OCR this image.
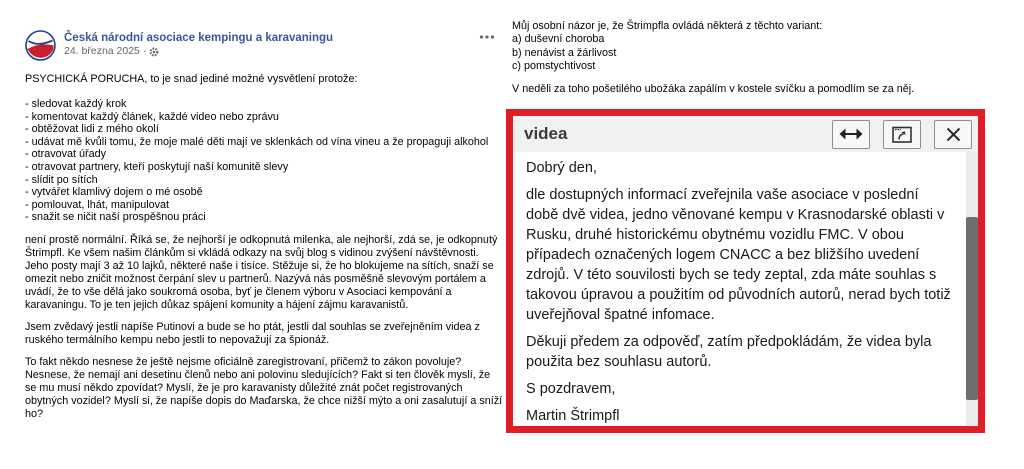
Česká národní asociace kempingu a karavaningu
24. března 2025 ·

PSYCHICKÁ PORUCHA, to je snad jediné možné vysvětlení protože:

- sledovat každý krok
- komentovat každý článek, každé video nebo zprávu
- obtěžovat lidi z mého okolí
- udávat mě kvůli tomu, že moje malé děti mají ve sklenkách od vína vineu a že propaguji alkohol
- otravovat úřady
- otravovat partnery, kteří poskytují naší komunitě slevy
- slídit po sítích
- vytvářet klamlivý dojem o mé osobě
- pomlouvat, lhát, manipulovat
- snažit se ničit naší prospěšnou práci

není prostě normální. Říká se, že nejhorší je odkopnutá milenka, ale nejhorší, zdá se, je odkopnutý Štrimpfl. Ke všem našim článkům si vkládá odkazy na svůj blog s vidinou zvýšení návštěvnosti. Jeho posty mají 3 až 10 lajků, některé naše i tisíce. Stěžuje si, že ho blokujeme na sítích, snaží se omezit nebo zničit možnost čerpání slev u partnerů. Nazývá nás posměšně slevovým portálem a uvádí, že to vše dělá jako soukromá osoba, byť je členem výboru v Asociaci kempování a karavaningu. To je ten jejich důkaz spájení komunity a hájení zájmu karavanistů.

Jsem zvědavý jestli napíše Putinovi a bude se ho ptát, jestli dal souhlas se zveřejněním videa z ruského termálního kempu nebo jestli to nepovažují za špionáž.

To fakt někdo nesnese že ještě nejsme oficiálně zaregistrovaní, přičemž to zákon povoluje? Nesnese, že nemají ani desetinu členů nebo ani polovinu sledujících? Fakt si ten člověk myslí, že se mu musí někdo zpovídat? Myslí, že je pro karavanisty důležité znát počet registrovaných obytných vozidel? Myslí si, že napíše dopis do Maďarska, že chce nižší mýto a oni zasalutují a sníží ho?

Můj osobní názor je, že Štrimpfla ovládá některá z těchto variant:

a) duševní choroba
b) nenávist a žárlivost
c) pomstychtivost

V neděli za toho pošetilého ubožáka zapálím v kostele svíčku a pomodlím se za něj.

videa

Dobrý den,

dle dostupných informací zveřejnila vaše asociace v poslední době dvě videa, jedno věnované kempu v Krasnodarské oblasti v Rusku, druhé historickému obytnému vozidlu FMC. V obou případech označených logem CNACC a bez bližšího uvedení zdrojů. V této souvilosti bych se tedy zeptal, zda máte souhlas s takovou úpravou a použitím od původních autorů, nerad bych totiž uveřejňoval špatné infomace.

Děkuji předem za odpověď, zatím předpokládám, že videa byla použita bez souhlasu autorů.

S pozdravem,

Martin Štrimpfl
